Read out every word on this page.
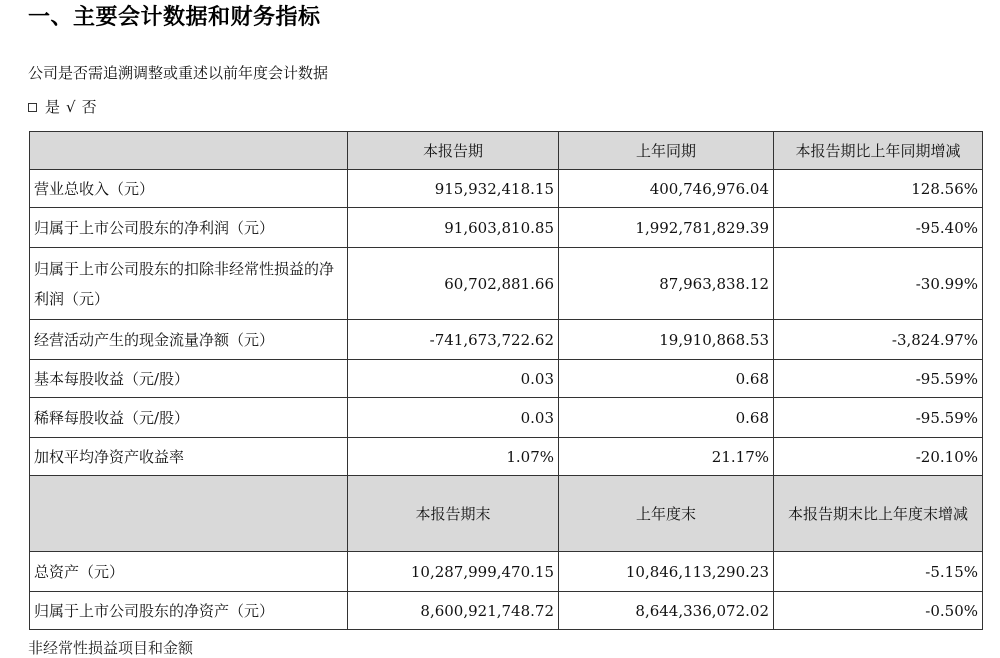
一、主要会计数据和财务指标

公司是否需追溯调整或重述以前年度会计数据

是 √ 否
	本报告期	上年同期	本报告期比上年同期增减
营业总收入（元）	915,932,418.15	400,746,976.04	128.56%
归属于上市公司股东的净利润（元）	91,603,810.85	1,992,781,829.39	-95.40%
归属于上市公司股东的扣除非经常性损益的净利润（元）	60,702,881.66	87,963,838.12	-30.99%
经营活动产生的现金流量净额（元）	-741,673,722.62	19,910,868.53	-3,824.97%
基本每股收益（元/股）	0.03	0.68	-95.59%
稀释每股收益（元/股）	0.03	0.68	-95.59%
加权平均净资产收益率	1.07%	21.17%	-20.10%
	本报告期末	上年度末	本报告期末比上年度末增减
总资产（元）	10,287,999,470.15	10,846,113,290.23	-5.15%
归属于上市公司股东的净资产（元）	8,600,921,748.72	8,644,336,072.02	-0.50%

非经常性损益项目和金额
